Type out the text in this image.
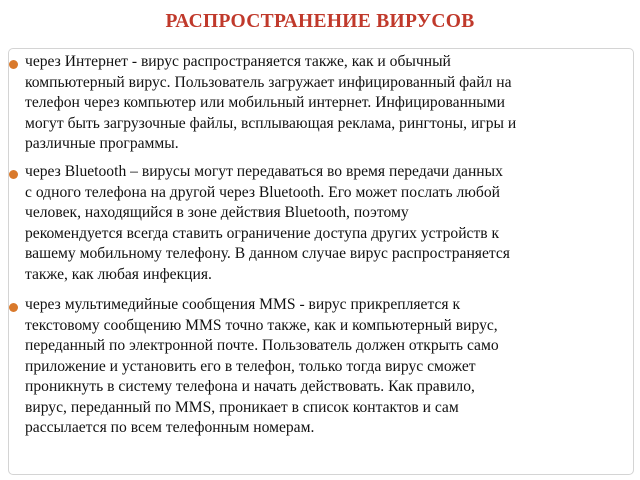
РАСПРОСТРАНЕНИЕ ВИРУСОВ

через Интернет - вирус распространяется также, как и обычный
компьютерный вирус. Пользователь загружает инфицированный файл на
телефон через компьютер или мобильный интернет. Инфицированными
могут быть загрузочные файлы, всплывающая реклама, рингтоны, игры и
различные программы.

через Bluetooth – вирусы могут передаваться во время передачи данных
с одного телефона на другой через Bluetooth. Его может послать любой
человек, находящийся в зоне действия Bluetooth, поэтому
рекомендуется всегда ставить ограничение доступа других устройств к
вашему мобильному телефону. В данном случае вирус распространяется
также, как любая инфекция.

через мультимедийные сообщения MMS - вирус прикрепляется к
текстовому сообщению MMS точно также, как и компьютерный вирус,
переданный по электронной почте. Пользователь должен открыть само
приложение и установить его в телефон, только тогда вирус сможет
проникнуть в систему телефона и начать действовать. Как правило,
вирус, переданный по MMS, проникает в список контактов и сам
рассылается по всем телефонным номерам.
